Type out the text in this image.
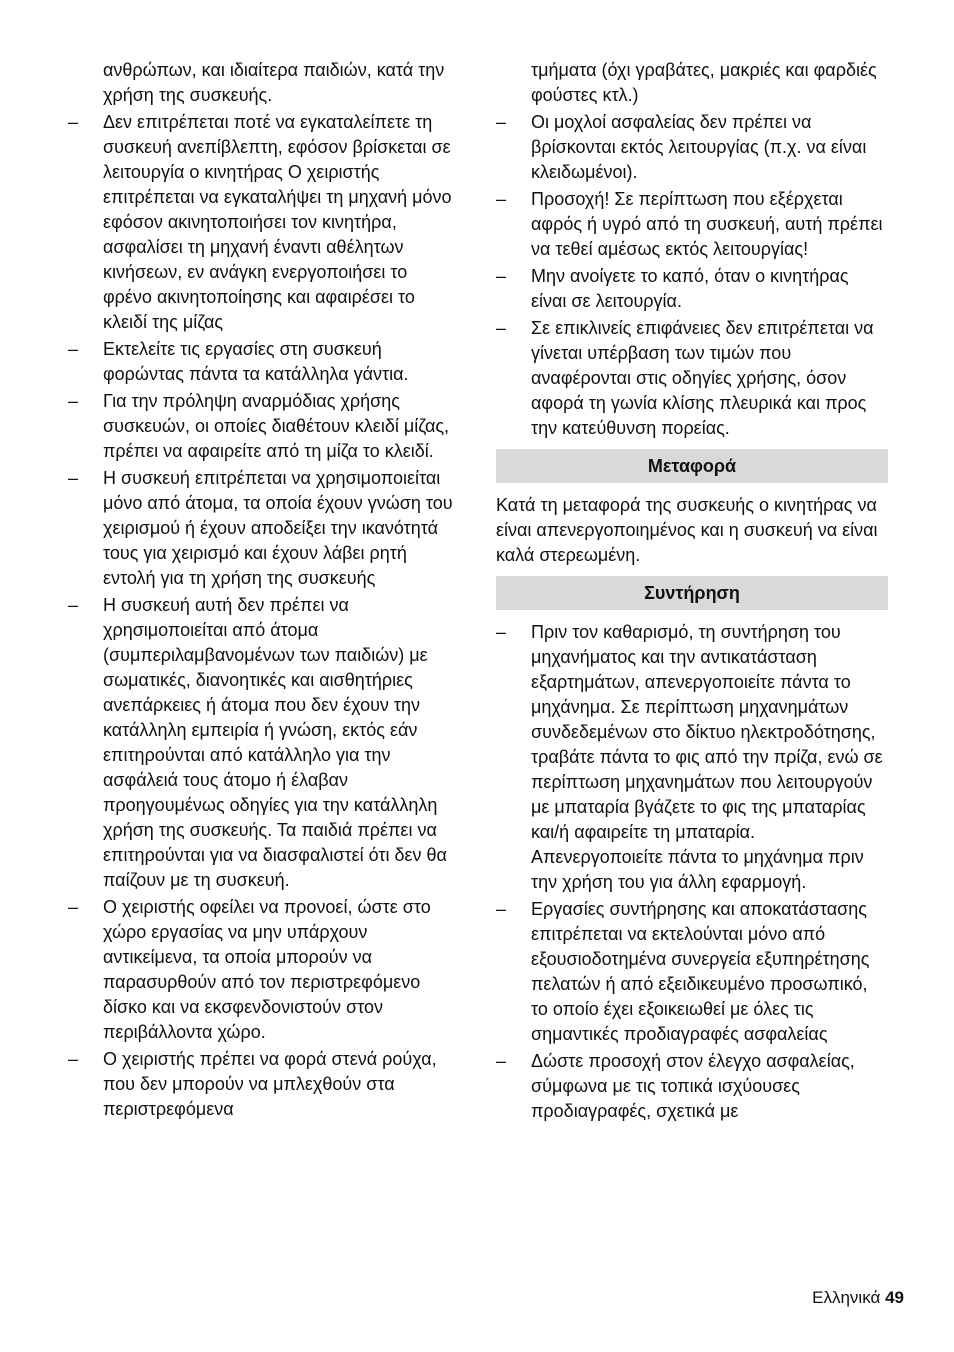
ανθρώπων, και ιδιαίτερα παιδιών, κατά την χρήση της συσκευής.

– Δεν επιτρέπεται ποτέ να εγκαταλείπετε τη συσκευή ανεπίβλεπτη, εφόσον βρίσκεται σε λειτουργία ο κινητήρας Ο χειριστής επιτρέπεται να εγκαταλήψει τη μηχανή μόνο εφόσον ακινητοποιήσει τον κινητήρα, ασφαλίσει τη μηχανή έναντι αθέλητων κινήσεων, εν ανάγκη ενεργοποιήσει το φρένο ακινητοποίησης και αφαιρέσει το κλειδί της μίζας
– Εκτελείτε τις εργασίες στη συσκευή φορώντας πάντα τα κατάλληλα γάντια.
– Για την πρόληψη αναρμόδιας χρήσης συσκευών, οι οποίες διαθέτουν κλειδί μίζας, πρέπει να αφαιρείτε από τη μίζα το κλειδί.
– Η συσκευή επιτρέπεται να χρησιμοποιείται μόνο από άτομα, τα οποία έχουν γνώση του χειρισμού ή έχουν αποδείξει την ικανότητά τους για χειρισμό και έχουν λάβει ρητή εντολή για τη χρήση της συσκευής
– Η συσκευή αυτή δεν πρέπει να χρησιμοποιείται από άτομα (συμπεριλαμβανομένων των παιδιών) με σωματικές, διανοητικές και αισθητήριες ανεπάρκειες ή άτομα που δεν έχουν την κατάλληλη εμπειρία ή γνώση, εκτός εάν επιτηρούνται από κατάλληλο για την ασφάλειά τους άτομο ή έλαβαν προηγουμένως οδηγίες για την κατάλληλη χρήση της συσκευής. Τα παιδιά πρέπει να επιτηρούνται για να διασφαλιστεί ότι δεν θα παίζουν με τη συσκευή.
– Ο χειριστής οφείλει να προνοεί, ώστε στο χώρο εργασίας να μην υπάρχουν αντικείμενα, τα οποία μπορούν να παρασυρθούν από τον περιστρεφόμενο δίσκο και να εκσφενδονιστούν στον περιβάλλοντα χώρο.
– Ο χειριστής πρέπει να φορά στενά ρούχα, που δεν μπορούν να μπλεχθούν στα περιστρεφόμενα

τμήματα (όχι γραβάτες, μακριές και φαρδιές φούστες κτλ.)

– Οι μοχλοί ασφαλείας δεν πρέπει να βρίσκονται εκτός λειτουργίας (π.χ. να είναι κλειδωμένοι).
– Προσοχή! Σε περίπτωση που εξέρχεται αφρός ή υγρό από τη συσκευή, αυτή πρέπει να τεθεί αμέσως εκτός λειτουργίας!
– Μην ανοίγετε το καπό, όταν ο κινητήρας είναι σε λειτουργία.
– Σε επικλινείς επιφάνειες δεν επιτρέπεται να γίνεται υπέρβαση των τιμών που αναφέρονται στις οδηγίες χρήσης, όσον αφορά τη γωνία κλίσης πλευρικά και προς την κατεύθυνση πορείας.
Μεταφορά

Κατά τη μεταφορά της συσκευής ο κινητήρας να είναι απενεργοποιημένος και η συσκευή να είναι καλά στερεωμένη.

Συντήρηση
– Πριν τον καθαρισμό, τη συντήρηση του μηχανήματος και την αντικατάσταση εξαρτημάτων, απενεργοποιείτε πάντα το μηχάνημα. Σε περίπτωση μηχανημάτων συνδεδεμένων στο δίκτυο ηλεκτροδότησης, τραβάτε πάντα το φις από την πρίζα, ενώ σε περίπτωση μηχανημάτων που λειτουργούν με μπαταρία βγάζετε το φις της μπαταρίας και/ή αφαιρείτε τη μπαταρία. Απενεργοποιείτε πάντα το μηχάνημα πριν την χρήση του για άλλη εφαρμογή.
– Εργασίες συντήρησης και αποκατάστασης επιτρέπεται να εκτελούνται μόνο από εξουσιοδοτημένα συνεργεία εξυπηρέτησης πελατών ή από εξειδικευμένο προσωπικό, το οποίο έχει εξοικειωθεί με όλες τις σημαντικές προδιαγραφές ασφαλείας
– Δώστε προσοχή στον έλεγχο ασφαλείας, σύμφωνα με τις τοπικά ισχύουσες προδιαγραφές, σχετικά με
Ελληνικά 49
